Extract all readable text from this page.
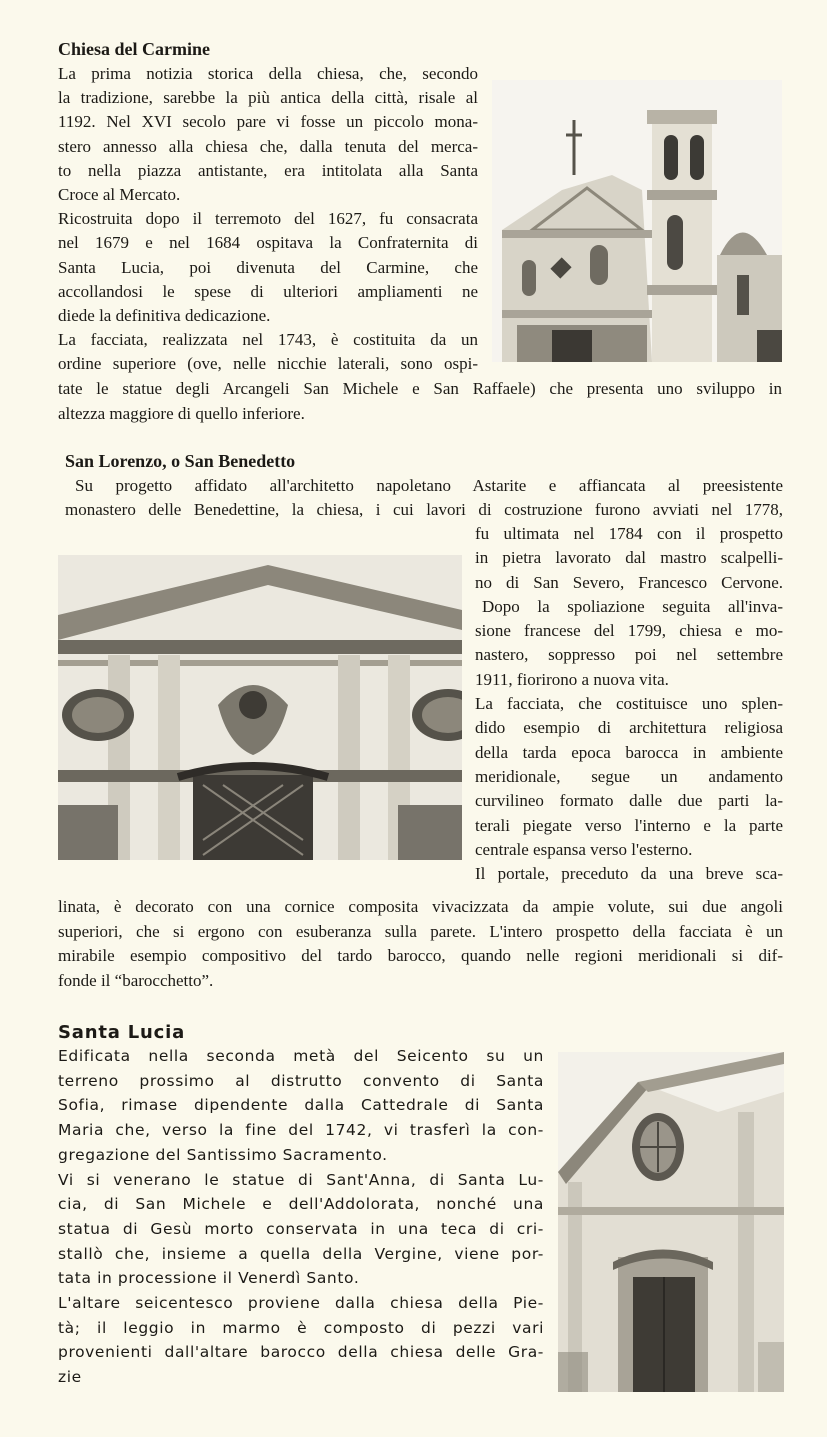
Chiesa del Carmine
La prima notizia storica della chiesa, che, secondo
la tradizione, sarebbe la più antica della città, risale al
1192. Nel XVI secolo pare vi fosse un piccolo mona-
stero annesso alla chiesa che, dalla tenuta del merca-
to nella piazza antistante, era intitolata alla Santa
Croce al Mercato.
Ricostruita dopo il terremoto del 1627, fu consacrata
nel 1679 e nel 1684 ospitava la Confraternita di
Santa Lucia, poi divenuta del Carmine, che
accollandosi le spese di ulteriori ampliamenti ne
diede la definitiva dedicazione.
La facciata, realizzata nel 1743, è costituita da un
ordine superiore (ove, nelle nicchie laterali, sono ospi-
tate le statue degli Arcangeli San Michele e San Raffaele) che presenta uno sviluppo in
altezza maggiore di quello inferiore.
San Lorenzo, o San Benedetto
Su progetto affidato all'architetto napoletano Astarite e affiancata al preesistente
monastero delle Benedettine, la chiesa, i cui lavori di costruzione furono avviati nel 1778,
fu ultimata nel 1784 con il prospetto
in pietra lavorato dal mastro scalpelli-
no di San Severo, Francesco Cervone.
Dopo la spoliazione seguita all'inva-
sione francese del 1799, chiesa e mo-
nastero, soppresso poi nel settembre
1911, fiorirono a nuova vita.
La facciata, che costituisce uno splen-
dido esempio di architettura religiosa
della tarda epoca barocca in ambiente
meridionale, segue un andamento
curvilineo formato dalle due parti la-
terali piegate verso l'interno e la parte
centrale espansa verso l'esterno.
Il portale, preceduto da una breve sca-
linata, è decorato con una cornice composita vivacizzata da ampie volute, sui due angoli
superiori, che si ergono con esuberanza sulla parete. L'intero prospetto della facciata è un
mirabile esempio compositivo del tardo barocco, quando nelle regioni meridionali si dif-
fonde il “barocchetto”.
Santa Lucia
Edificata nella seconda metà del Seicento su un
terreno prossimo al distrutto convento di Santa
Sofia, rimase dipendente dalla Cattedrale di Santa
Maria che, verso la fine del 1742, vi trasferì la con-
gregazione del Santissimo Sacramento.
Vi si venerano le statue di Sant'Anna, di Santa Lu-
cia, di San Michele e dell'Addolorata, nonché una
statua di Gesù morto conservata in una teca di cri-
stallò che, insieme a quella della Vergine, viene por-
tata in processione il Venerdì Santo.
L'altare seicentesco proviene dalla chiesa della Pie-
tà; il leggio in marmo è composto di pezzi vari
provenienti dall'altare barocco della chiesa delle Gra-
zie
